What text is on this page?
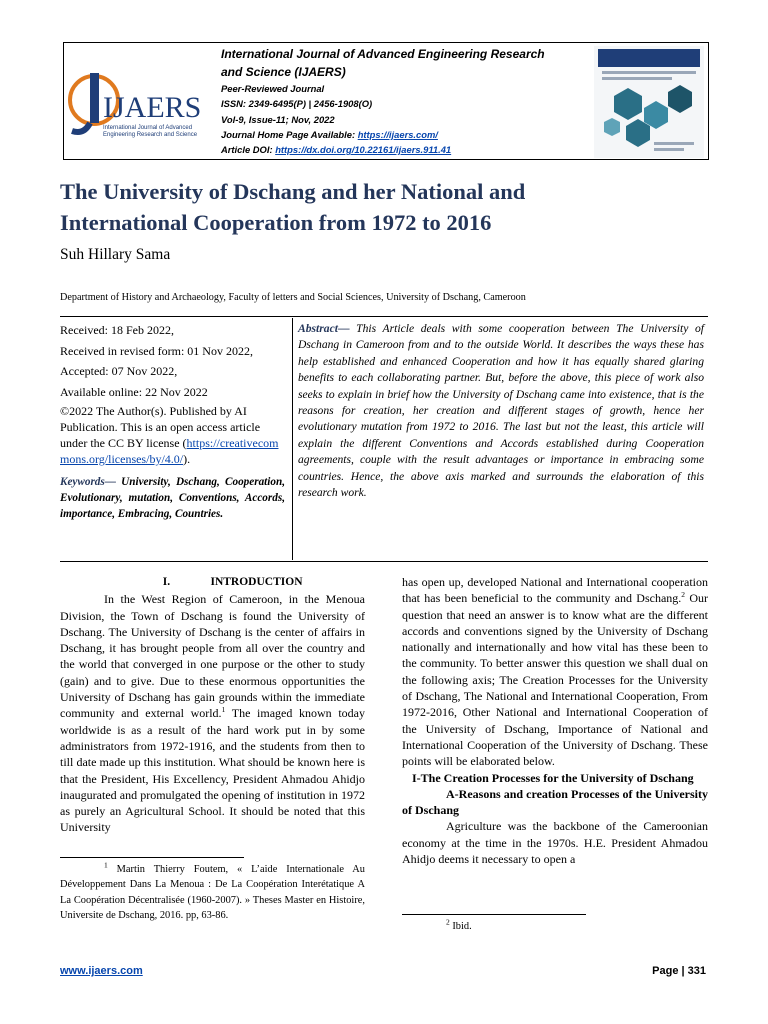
IJAERS
International Journal of Advanced
Engineering Research and Science
International Journal of Advanced Engineering Research
and Science (IJAERS)
Peer-Reviewed Journal
ISSN: 2349-6495(P) | 2456-1908(O)
Vol-9, Issue-11; Nov, 2022
Journal Home Page Available: https://ijaers.com/
Article DOI: https://dx.doi.org/10.22161/ijaers.911.41
The University of Dschang and her National and
International Cooperation from 1972 to 2016
Suh Hillary Sama
Department of History and Archaeology, Faculty of letters and Social Sciences, University of Dschang, Cameroon
Received: 18 Feb 2022,
Received in revised form: 01 Nov 2022,
Accepted: 07 Nov 2022,
Available online: 22 Nov 2022
©2022 The Author(s). Published by AI Publication. This is an open access article under the CC BY license (https://creativecommons.org/licenses/by/4.0/).
Keywords— University, Dschang, Cooperation, Evolutionary, mutation, Conventions, Accords, importance, Embracing, Countries.
Abstract— This Article deals with some cooperation between The University of Dschang in Cameroon from and to the outside World. It describes the ways these has help established and enhanced Cooperation and how it has equally shared glaring benefits to each collaborating partner. But, before the above, this piece of work also seeks to explain in brief how the University of Dschang came into existence, that is the reasons for creation, her creation and different stages of growth, hence her evolutionary mutation from 1972 to 2016. The last but not the least, this article will explain the different Conventions and Accords established during Cooperation agreements, couple with the result advantages or importance in embracing some countries. Hence, the above axis marked and surrounds the elaboration of this research work.
I.	INTRODUCTION
In the West Region of Cameroon, in the Menoua Division, the Town of Dschang is found the University of Dschang. The University of Dschang is the center of affairs in Dschang, it has brought people from all over the country and the world that converged in one purpose or the other to study (gain) and to give. Due to these enormous opportunities the University of Dschang has gain grounds within the immediate community and external world.$^1$ The imaged known today worldwide is as a result of the hard work put in by some administrators from 1972-1916, and the students from then to till date made up this institution. What should be known here is that the President, His Excellency, President Ahmadou Ahidjo inaugurated and promulgated the opening of institution in 1972 as purely an Agricultural School. It should be noted that this University
has open up, developed National and International cooperation that has been beneficial to the community and Dschang.$^2$ Our question that need an answer is to know what are the different accords and conventions signed by the University of Dschang nationally and internationally and how vital has these been to the community. To better answer this question we shall dual on the following axis; The Creation Processes for the University of Dschang, The National and International Cooperation, From 1972-2016, Other National and International Cooperation of the University of Dschang, Importance of National and International Cooperation of the University of Dschang. These points will be elaborated below.
I-The Creation Processes for the University of Dschang
A-Reasons and creation Processes of the University of Dschang
Agriculture was the backbone of the Cameroonian economy at the time in the 1970s. H.E. President Ahmadou Ahidjo deems it necessary to open a
$^1$ Martin Thierry Foutem, « L’aide Internationale Au Développement Dans La Menoua : De La Coopération Interétatique A La Coopération Décentralisée (1960-2007). » Theses Master en Histoire, Universite de Dschang, 2016. pp, 63-86.
$^2$ Ibid.
www.ijaers.com	Page | 331
